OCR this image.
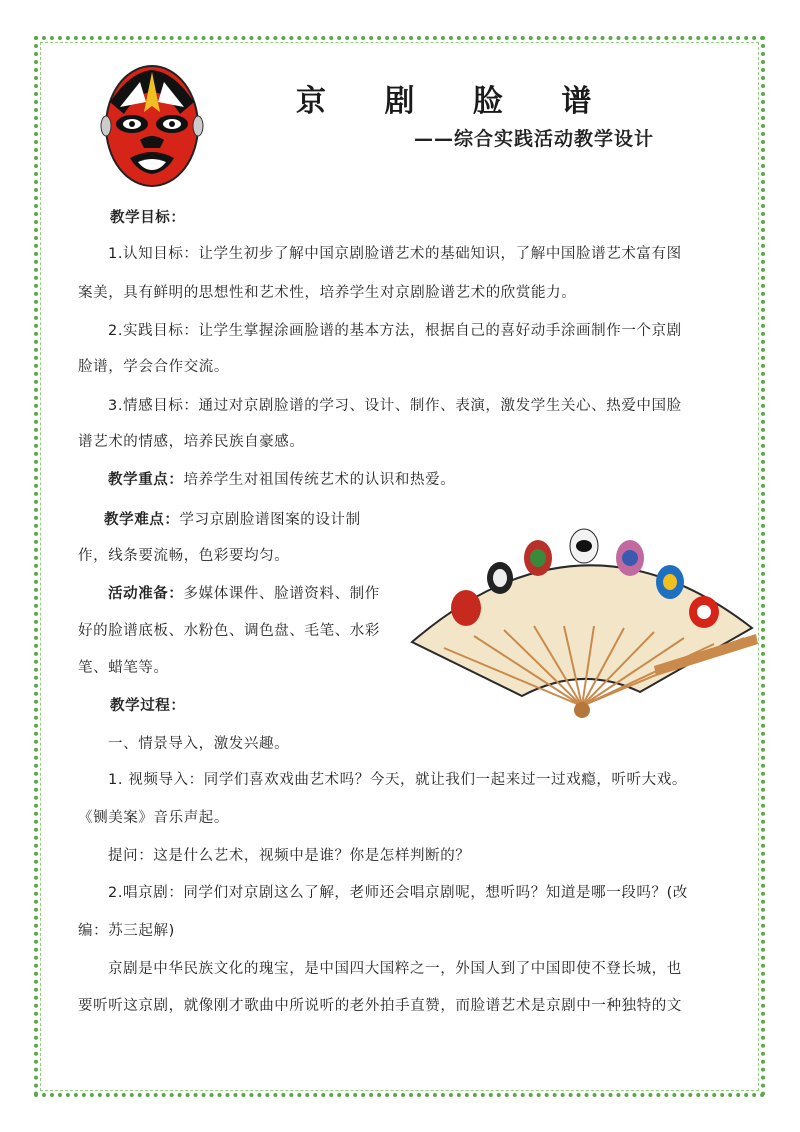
京 剧 脸 谱
——综合实践活动教学设计

教学目标：

1.认知目标：让学生初步了解中国京剧脸谱艺术的基础知识，了解中国脸谱艺术富有图

案美，具有鲜明的思想性和艺术性，培养学生对京剧脸谱艺术的欣赏能力。

2.实践目标：让学生掌握涂画脸谱的基本方法，根据自己的喜好动手涂画制作一个京剧

脸谱，学会合作交流。

3.情感目标：通过对京剧脸谱的学习、设计、制作、表演，激发学生关心、热爱中国脸

谱艺术的情感，培养民族自豪感。

教学重点：培养学生对祖国传统艺术的认识和热爱。

教学难点：学习京剧脸谱图案的设计制

作，线条要流畅，色彩要均匀。

活动准备：多媒体课件、脸谱资料、制作

好的脸谱底板、水粉色、调色盘、毛笔、水彩

笔、蜡笔等。

教学过程：

一、情景导入，激发兴趣。

1. 视频导入：同学们喜欢戏曲艺术吗？今天，就让我们一起来过一过戏瘾，听听大戏。

《铡美案》音乐声起。

提问：这是什么艺术，视频中是谁？你是怎样判断的？

2.唱京剧：同学们对京剧这么了解，老师还会唱京剧呢，想听吗？知道是哪一段吗？(改

编：苏三起解)

京剧是中华民族文化的瑰宝，是中国四大国粹之一，外国人到了中国即使不登长城，也

要听听这京剧，就像刚才歌曲中所说听的老外拍手直赞，而脸谱艺术是京剧中一种独特的文
